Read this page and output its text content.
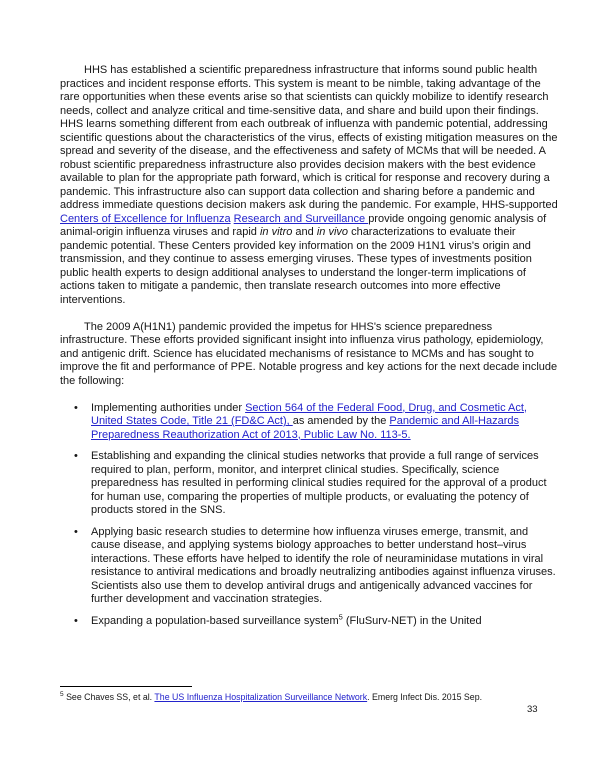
HHS has established a scientific preparedness infrastructure that informs sound public health practices and incident response efforts. This system is meant to be nimble, taking advantage of the rare opportunities when these events arise so that scientists can quickly mobilize to identify research needs, collect and analyze critical and time-sensitive data, and share and build upon their findings. HHS learns something different from each outbreak of influenza with pandemic potential, addressing scientific questions about the characteristics of the virus, effects of existing mitigation measures on the spread and severity of the disease, and the effectiveness and safety of MCMs that will be needed. A robust scientific preparedness infrastructure also provides decision makers with the best evidence available to plan for the appropriate path forward, which is critical for response and recovery during a pandemic. This infrastructure also can support data collection and sharing before a pandemic and address immediate questions decision makers ask during the pandemic. For example, HHS-supported Centers of Excellence for Influenza Research and Surveillance provide ongoing genomic analysis of animal-origin influenza viruses and rapid in vitro and in vivo characterizations to evaluate their pandemic potential. These Centers provided key information on the 2009 H1N1 virus's origin and transmission, and they continue to assess emerging viruses. These types of investments position public health experts to design additional analyses to understand the longer-term implications of actions taken to mitigate a pandemic, then translate research outcomes into more effective interventions.

The 2009 A(H1N1) pandemic provided the impetus for HHS's science preparedness infrastructure. These efforts provided significant insight into influenza virus pathology, epidemiology, and antigenic drift. Science has elucidated mechanisms of resistance to MCMs and has sought to improve the fit and performance of PPE. Notable progress and key actions for the next decade include the following:

• Implementing authorities under Section 564 of the Federal Food, Drug, and Cosmetic Act, United States Code, Title 21 (FD&C Act), as amended by the Pandemic and All-Hazards Preparedness Reauthorization Act of 2013, Public Law No. 113-5.
• Establishing and expanding the clinical studies networks that provide a full range of services required to plan, perform, monitor, and interpret clinical studies. Specifically, science preparedness has resulted in performing clinical studies required for the approval of a product for human use, comparing the properties of multiple products, or evaluating the potency of products stored in the SNS.
• Applying basic research studies to determine how influenza viruses emerge, transmit, and cause disease, and applying systems biology approaches to better understand host–virus interactions. These efforts have helped to identify the role of neuraminidase mutations in viral resistance to antiviral medications and broadly neutralizing antibodies against influenza viruses. Scientists also use them to develop antiviral drugs and antigenically advanced vaccines for further development and vaccination strategies.
• Expanding a population-based surveillance system$^5$ (FluSurv-NET) in the United
$^5$ See Chaves SS, et al. The US Influenza Hospitalization Surveillance Network. Emerg Infect Dis. 2015 Sep.
33
